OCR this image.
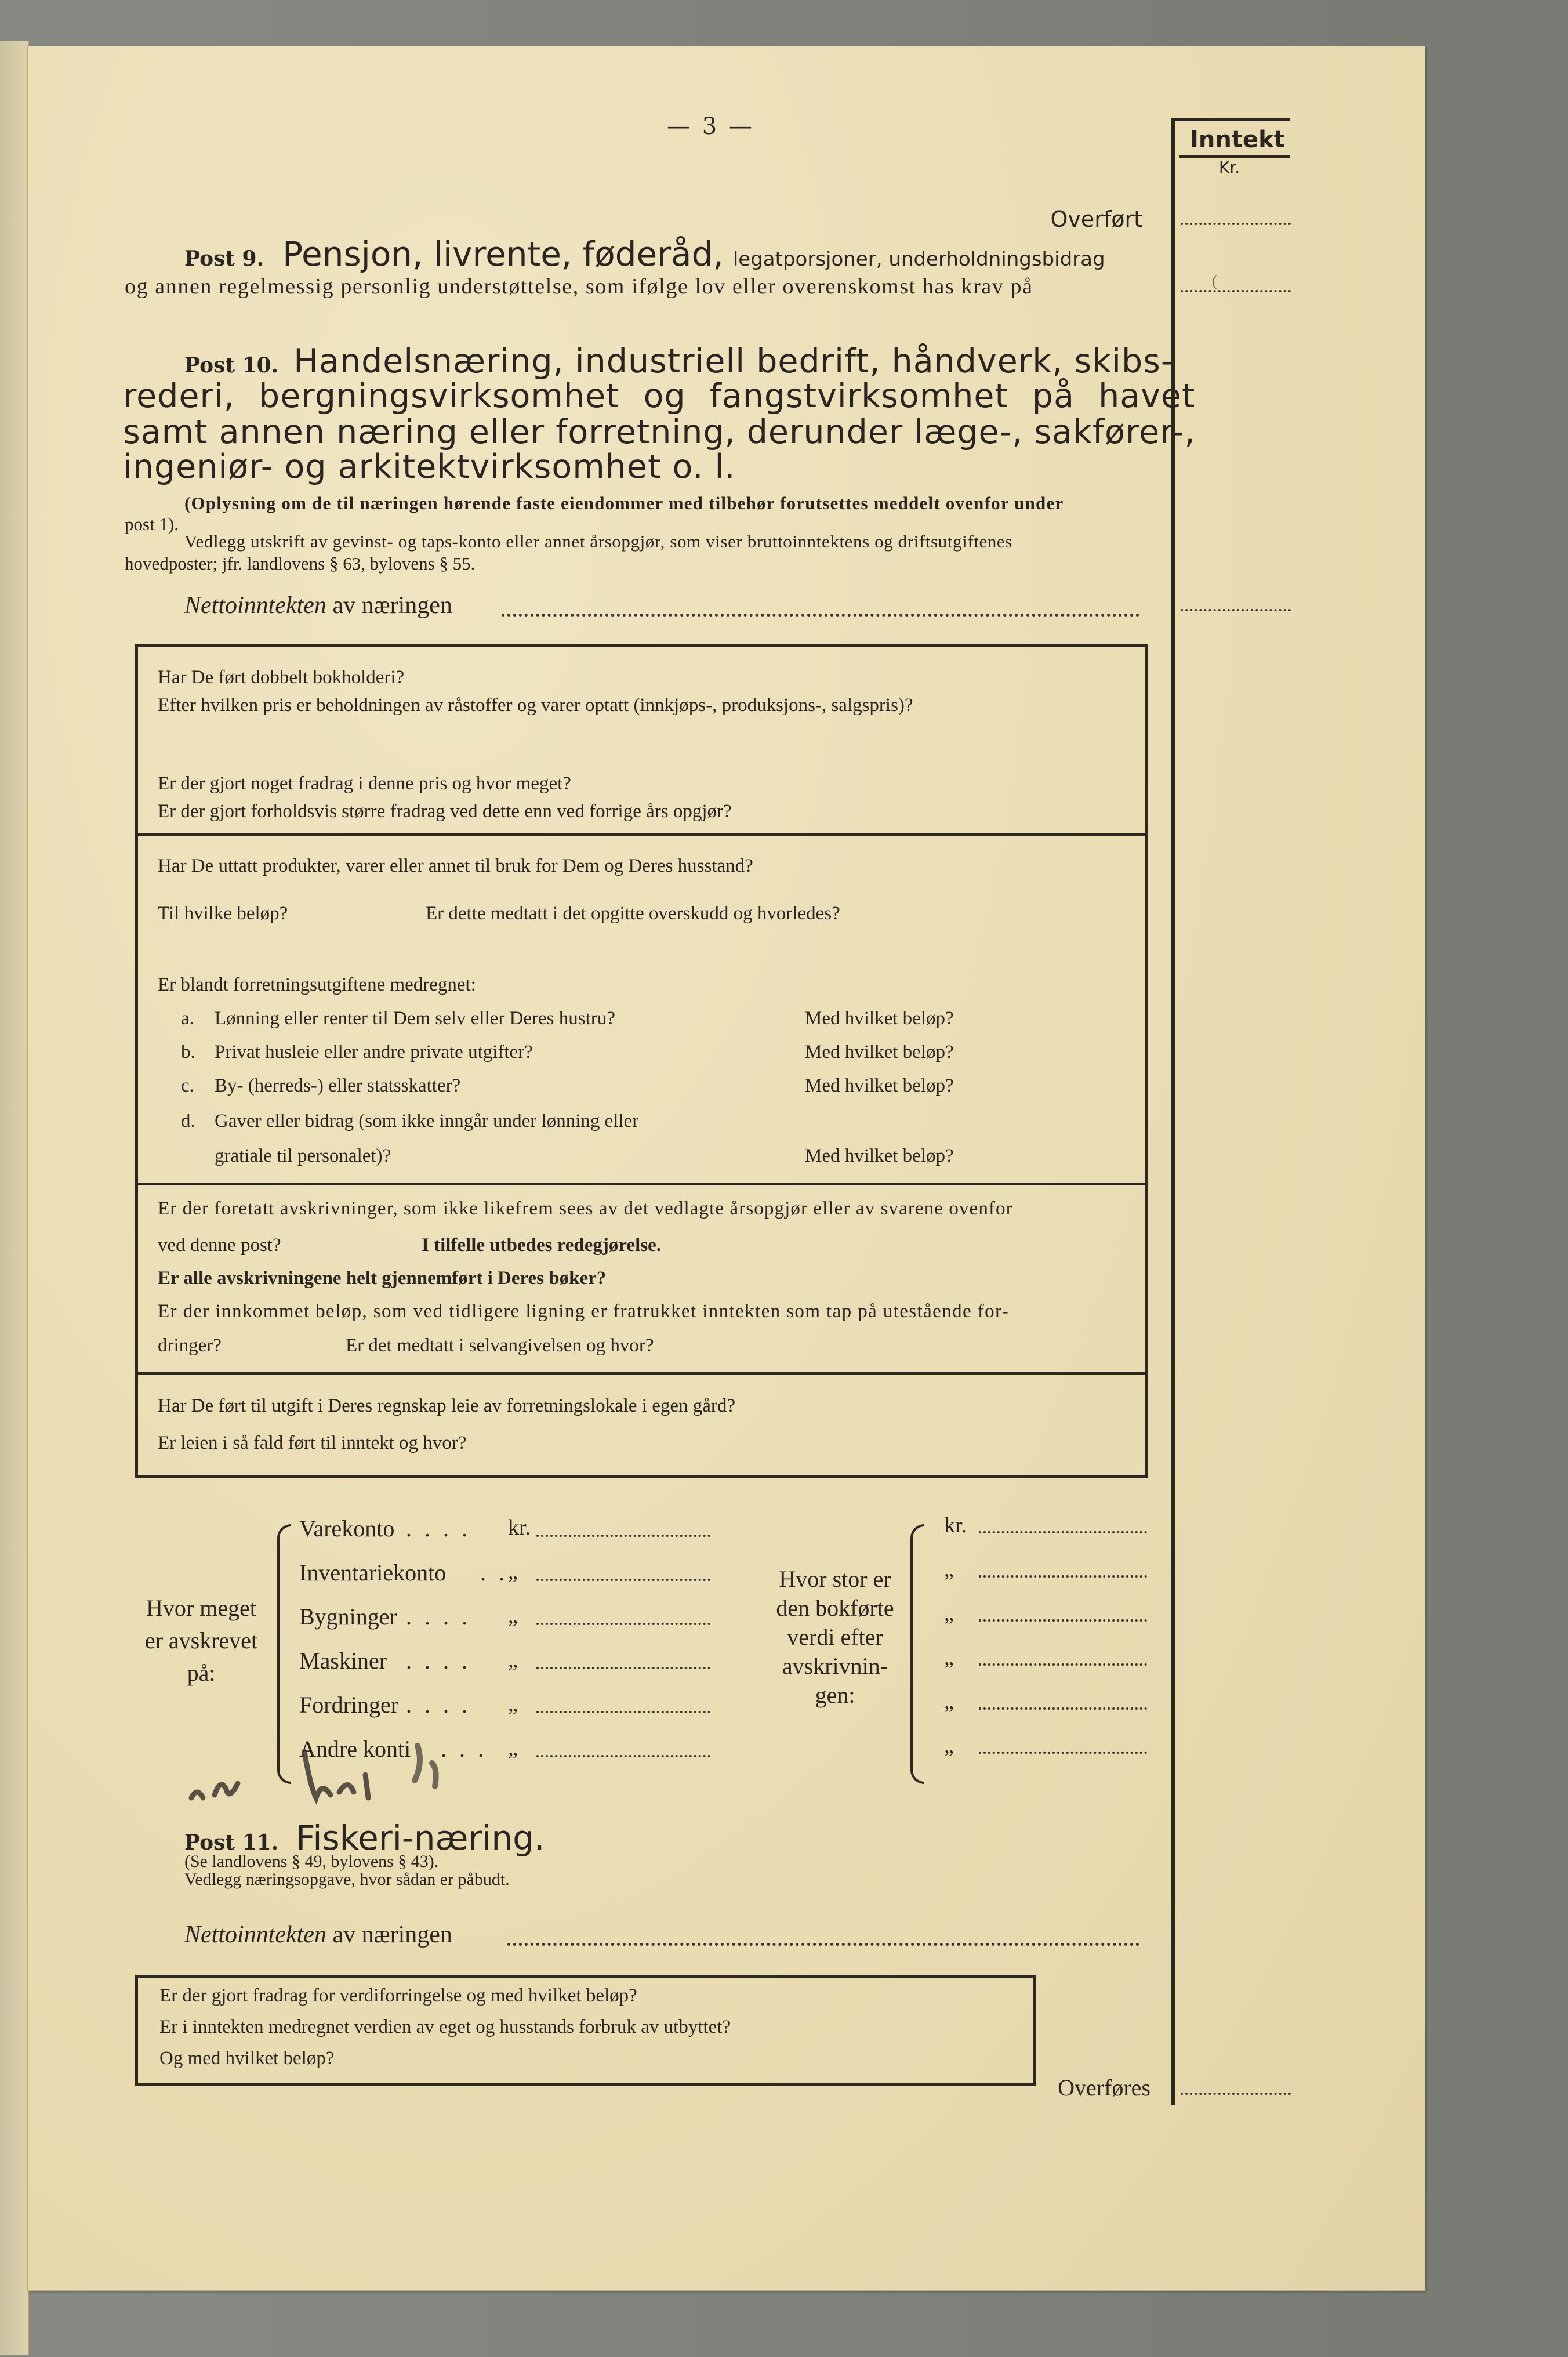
— 3 —	Inntekt
Kr.
Overført
Post 9. Pensjon, livrente, føderåd, legatporsjoner, underholdningsbidrag
og annen regelmessig personlig understøttelse, som ifølge lov eller overenskomst has krav på	(
Post 10. Handelsnæring, industriell bedrift, håndverk, skibs-
rederi, bergningsvirksomhet og fangstvirksomhet på havet
samt annen næring eller forretning, derunder læge-, sakfører-,
ingeniør- og arkitektvirksomhet o. l.
(Oplysning om de til næringen hørende faste eiendommer med tilbehør forutsettes meddelt ovenfor under
post 1).
Vedlegg utskrift av gevinst- og taps-konto eller annet årsopgjør, som viser bruttoinntektens og driftsutgiftenes
hovedposter; jfr. landlovens § 63, bylovens § 55.
Nettoinntekten av næringen
Har De ført dobbelt bokholderi?
Efter hvilken pris er beholdningen av råstoffer og varer optatt (innkjøps-, produksjons-, salgspris)?
Er der gjort noget fradrag i denne pris og hvor meget?
Er der gjort forholdsvis større fradrag ved dette enn ved forrige års opgjør?
Har De uttatt produkter, varer eller annet til bruk for Dem og Deres husstand?
Til hvilke beløp?	Er dette medtatt i det opgitte overskudd og hvorledes?
Er blandt forretningsutgiftene medregnet:
a. Lønning eller renter til Dem selv eller Deres hustru?	Med hvilket beløp?
b. Privat husleie eller andre private utgifter?	Med hvilket beløp?
c. By- (herreds-) eller statsskatter?	Med hvilket beløp?
d. Gaver eller bidrag (som ikke inngår under lønning eller
gratiale til personalet)?	Med hvilket beløp?
Er der foretatt avskrivninger, som ikke likefrem sees av det vedlagte årsopgjør eller av svarene ovenfor
ved denne post?	I tilfelle utbedes redegjørelse.
Er alle avskrivningene helt gjennemført i Deres bøker?
Er der innkommet beløp, som ved tidligere ligning er fratrukket inntekten som tap på utestående for-
dringer?	Er det medtatt i selvangivelsen og hvor?
Har De ført til utgift i Deres regnskap leie av forretningslokale i egen gård?
Er leien i så fald ført til inntekt og hvor?
Hvor meget
er avskrevet
på:
Varekonto . . . . kr.	kr.
Inventariekonto . . „	„
Bygninger . . . . „	„
Maskiner . . . . „	„
Fordringer . . . . „	„
Andre konti . . . „	„
Hvor stor er
den bokførte
verdi efter
avskrivnin-
gen:
Post 11. Fiskeri-næring.
(Se landlovens § 49, bylovens § 43).
Vedlegg næringsopgave, hvor sådan er påbudt.
Nettoinntekten av næringen
Er der gjort fradrag for verdiforringelse og med hvilket beløp?
Er i inntekten medregnet verdien av eget og husstands forbruk av utbyttet?
Og med hvilket beløp?
Overføres
